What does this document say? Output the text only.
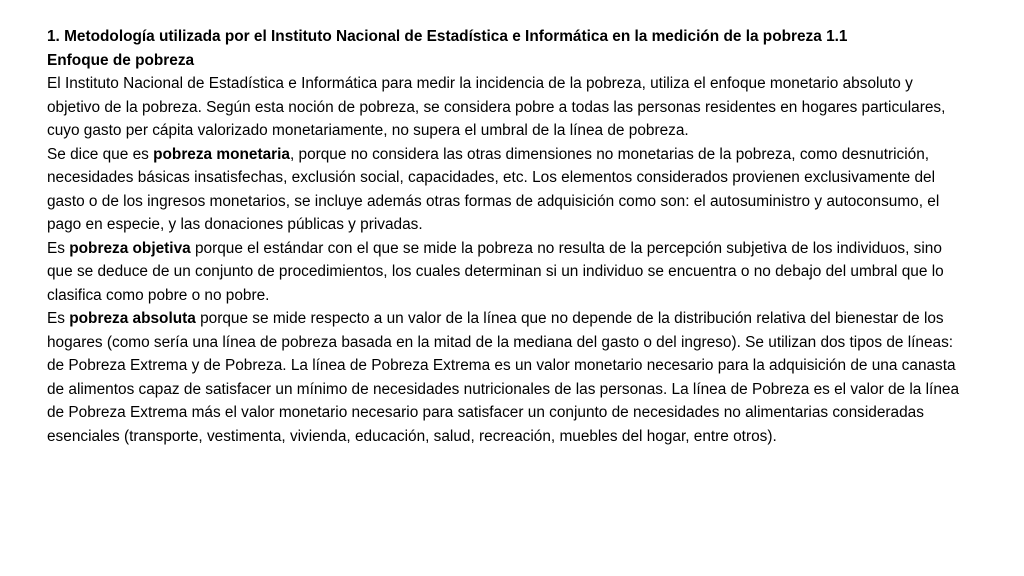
1. Metodología utilizada por el Instituto Nacional de Estadística e Informática en la medición de la pobreza 1.1
Enfoque de pobreza

El Instituto Nacional de Estadística e Informática para medir la incidencia de la pobreza, utiliza el enfoque monetario absoluto y objetivo de la pobreza. Según esta noción de pobreza, se considera pobre a todas las personas residentes en hogares particulares, cuyo gasto per cápita valorizado monetariamente, no supera el umbral de la línea de pobreza.

Se dice que es pobreza monetaria, porque no considera las otras dimensiones no monetarias de la pobreza, como desnutrición, necesidades básicas insatisfechas, exclusión social, capacidades, etc. Los elementos considerados provienen exclusivamente del gasto o de los ingresos monetarios, se incluye además otras formas de adquisición como son: el autosuministro y autoconsumo, el pago en especie, y las donaciones públicas y privadas.

Es pobreza objetiva porque el estándar con el que se mide la pobreza no resulta de la percepción subjetiva de los individuos, sino que se deduce de un conjunto de procedimientos, los cuales determinan si un individuo se encuentra o no debajo del umbral que lo clasifica como pobre o no pobre.

Es pobreza absoluta porque se mide respecto a un valor de la línea que no depende de la distribución relativa del bienestar de los hogares (como sería una línea de pobreza basada en la mitad de la mediana del gasto o del ingreso). Se utilizan dos tipos de líneas: de Pobreza Extrema y de Pobreza. La línea de Pobreza Extrema es un valor monetario necesario para la adquisición de una canasta de alimentos capaz de satisfacer un mínimo de necesidades nutricionales de las personas. La línea de Pobreza es el valor de la línea de Pobreza Extrema más el valor monetario necesario para satisfacer un conjunto de necesidades no alimentarias consideradas esenciales (transporte, vestimenta, vivienda, educación, salud, recreación, muebles del hogar, entre otros).
